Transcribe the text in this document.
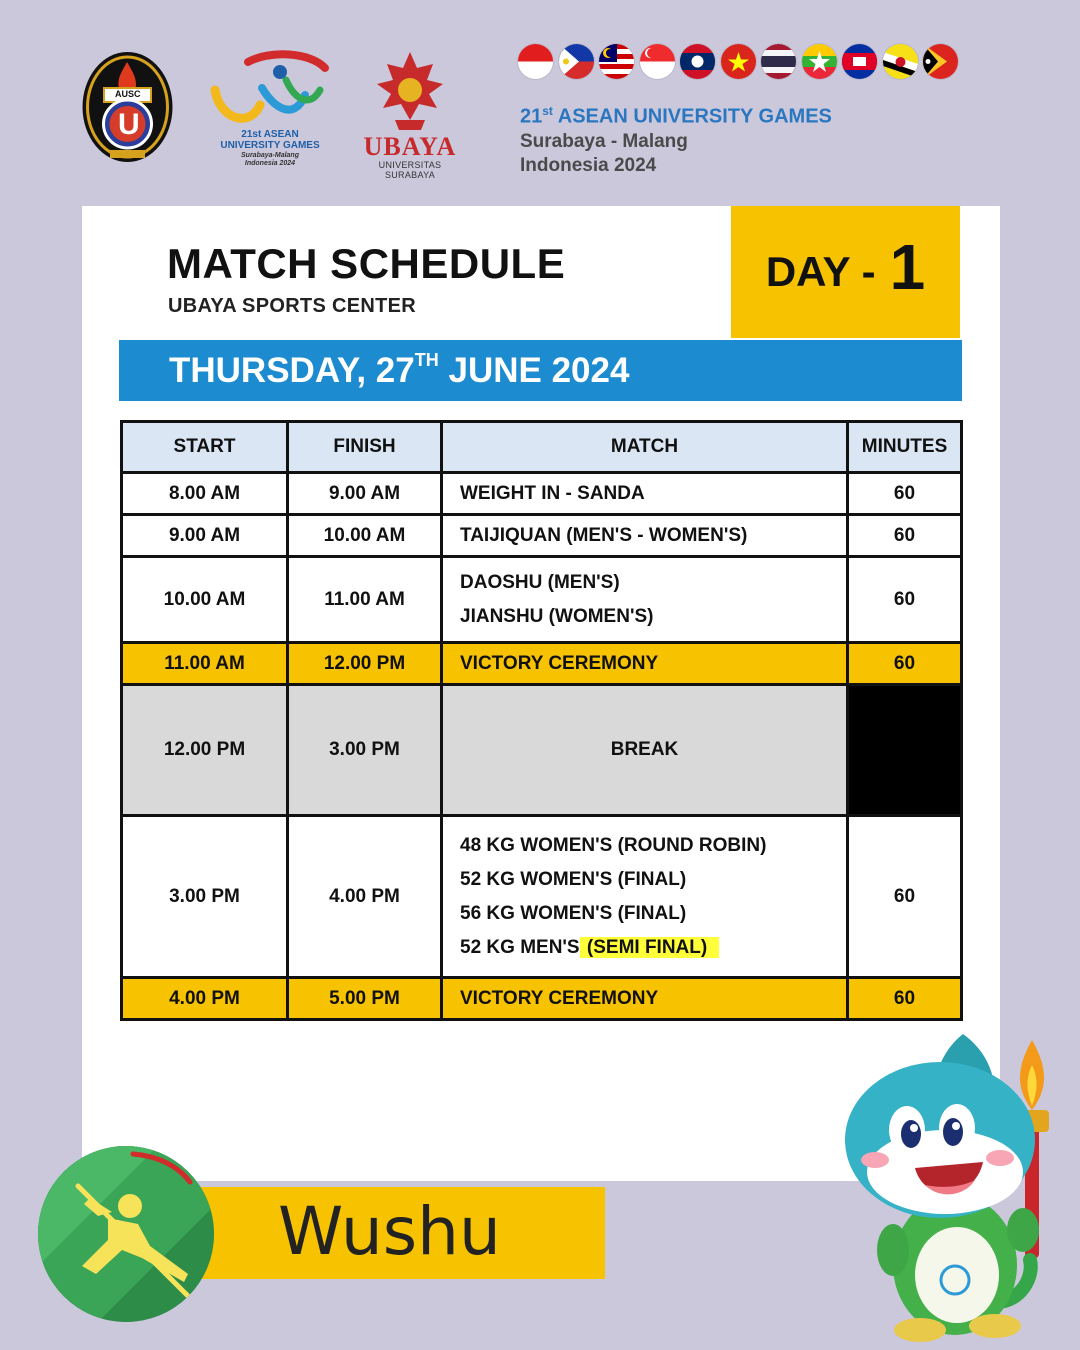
AUSC
U	21st ASEAN
UNIVERSITY GAMES
Surabaya-Malang
Indonesia 2024
UBAYA
UNIVERSITAS SURABAYA
21st ASEAN UNIVERSITY GAMES
Surabaya - Malang
Indonesia 2024
MATCH SCHEDULE
UBAYA SPORTS CENTER
DAY - 1
THURSDAY, 27TH JUNE 2024
START	FINISH	MATCH	MINUTES
8.00 AM	9.00 AM	WEIGHT IN - SANDA	60
9.00 AM	10.00 AM	TAIJIQUAN (MEN'S - WOMEN'S)	60
10.00 AM	11.00 AM	DAOSHU (MEN'S)
JIANSHU (WOMEN'S)	60
11.00 AM	12.00 PM	VICTORY CEREMONY	60
12.00 PM	3.00 PM	BREAK	
3.00 PM	4.00 PM	48 KG WOMEN'S (ROUND ROBIN)
52 KG WOMEN'S (FINAL)
56 KG WOMEN'S (FINAL)
52 KG MEN'S (SEMI FINAL)	60
4.00 PM	5.00 PM	VICTORY CEREMONY	60
Wushu
